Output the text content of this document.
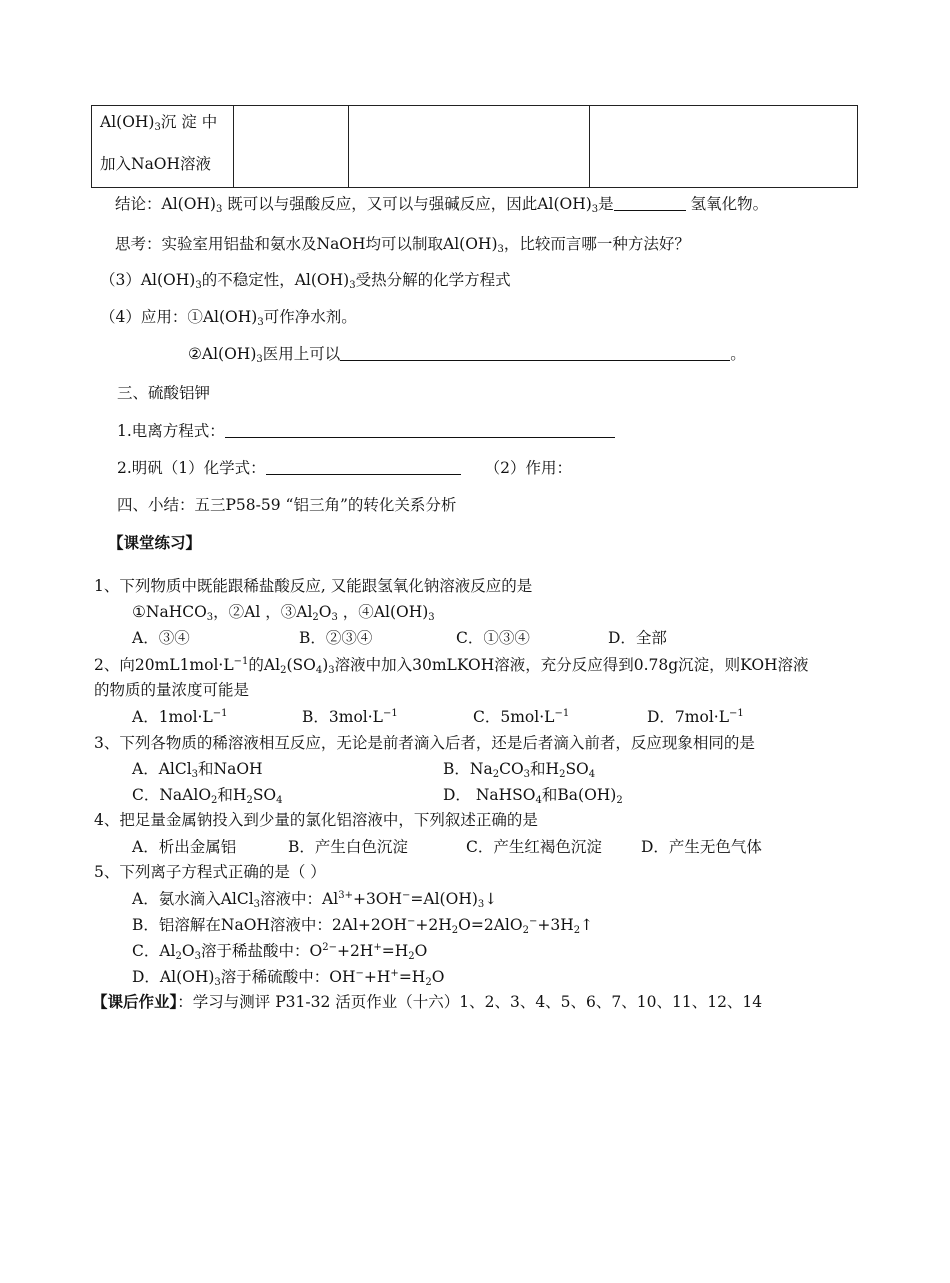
$Al(OH)_3$沉 淀 中
加入NaOH溶液

结论：$Al(OH)_3$ 既可以与强酸反应，又可以与强碱反应，因此$Al(OH)_3$是	氢氧化物。
思考：实验室用铝盐和氨水及NaOH均可以制取$Al(OH)_3$，比较而言哪一种方法好？
$(3)Al(OH)_3$的不稳定性，$Al(OH)_3$受热分解的化学方程式
（4）应用：$①Al(OH)_3$可作净水剂。
$②Al(OH)_3$医用上可以	。
三、硫酸铝钾
1.电离方程式：
2.明矾（1）化学式：	（2）作用：
四、小结：五三P58-59 “铝三角”的转化关系分析
【课堂练习】
1、下列物质中既能跟稀盐酸反应, 又能跟氢氧化钠溶液反应的是
①NaHCO$_3$，②Al ，$③Al_2O_3$ ，$④Al(OH)_3$
A．③④	B．②③④	C．①③④	D．全部
2、向$20mL1mol\cdot L^{-1}$的$Al_2(SO_4)_3$溶液中加入30mLKOH溶液，充分反应得到0.78g沉淀，则KOH溶液
的物质的量浓度可能是
A．$1mol\cdot L^{-1}$	B．$3mol\cdot L^{-1}$	C．$5mol\cdot L^{-1}$	D．$7mol\cdot L^{-1}$
3、下列各物质的稀溶液相互反应，无论是前者滴入后者，还是后者滴入前者，反应现象相同的是
A．AlCl$_3$和NaOH	B．$Na_2CO_3$和$H_2SO_4$
C．NaAlO$_2$和$H_2SO_4$	D． NaHSO$_4$和$Ba(OH)_2$
4、把足量金属钠投入到少量的氯化铝溶液中，下列叙述正确的是
A．析出金属铝	B．产生白色沉淀	C．产生红褐色沉淀	D．产生无色气体
5、下列离子方程式正确的是（ ）
A．氨水滴入AlCl$_3$溶液中：$Al^{3+}+3OH^-=Al(OH)_3↓$
B．铝溶解在NaOH溶液中：$2Al+2OH^-+2H_2O=2AlO_2^-+3H_2↑$
C．$Al_2O_3$溶于稀盐酸中：$O^{2-}+2H^+=H_2O$
D．$Al(OH)_3$溶于稀硫酸中：$OH^-+H^+=H_2O$
【课后作业】：学习与测评 P31-32 活页作业（十六）1、2、3、4、5、6、7、10、11、12、14
